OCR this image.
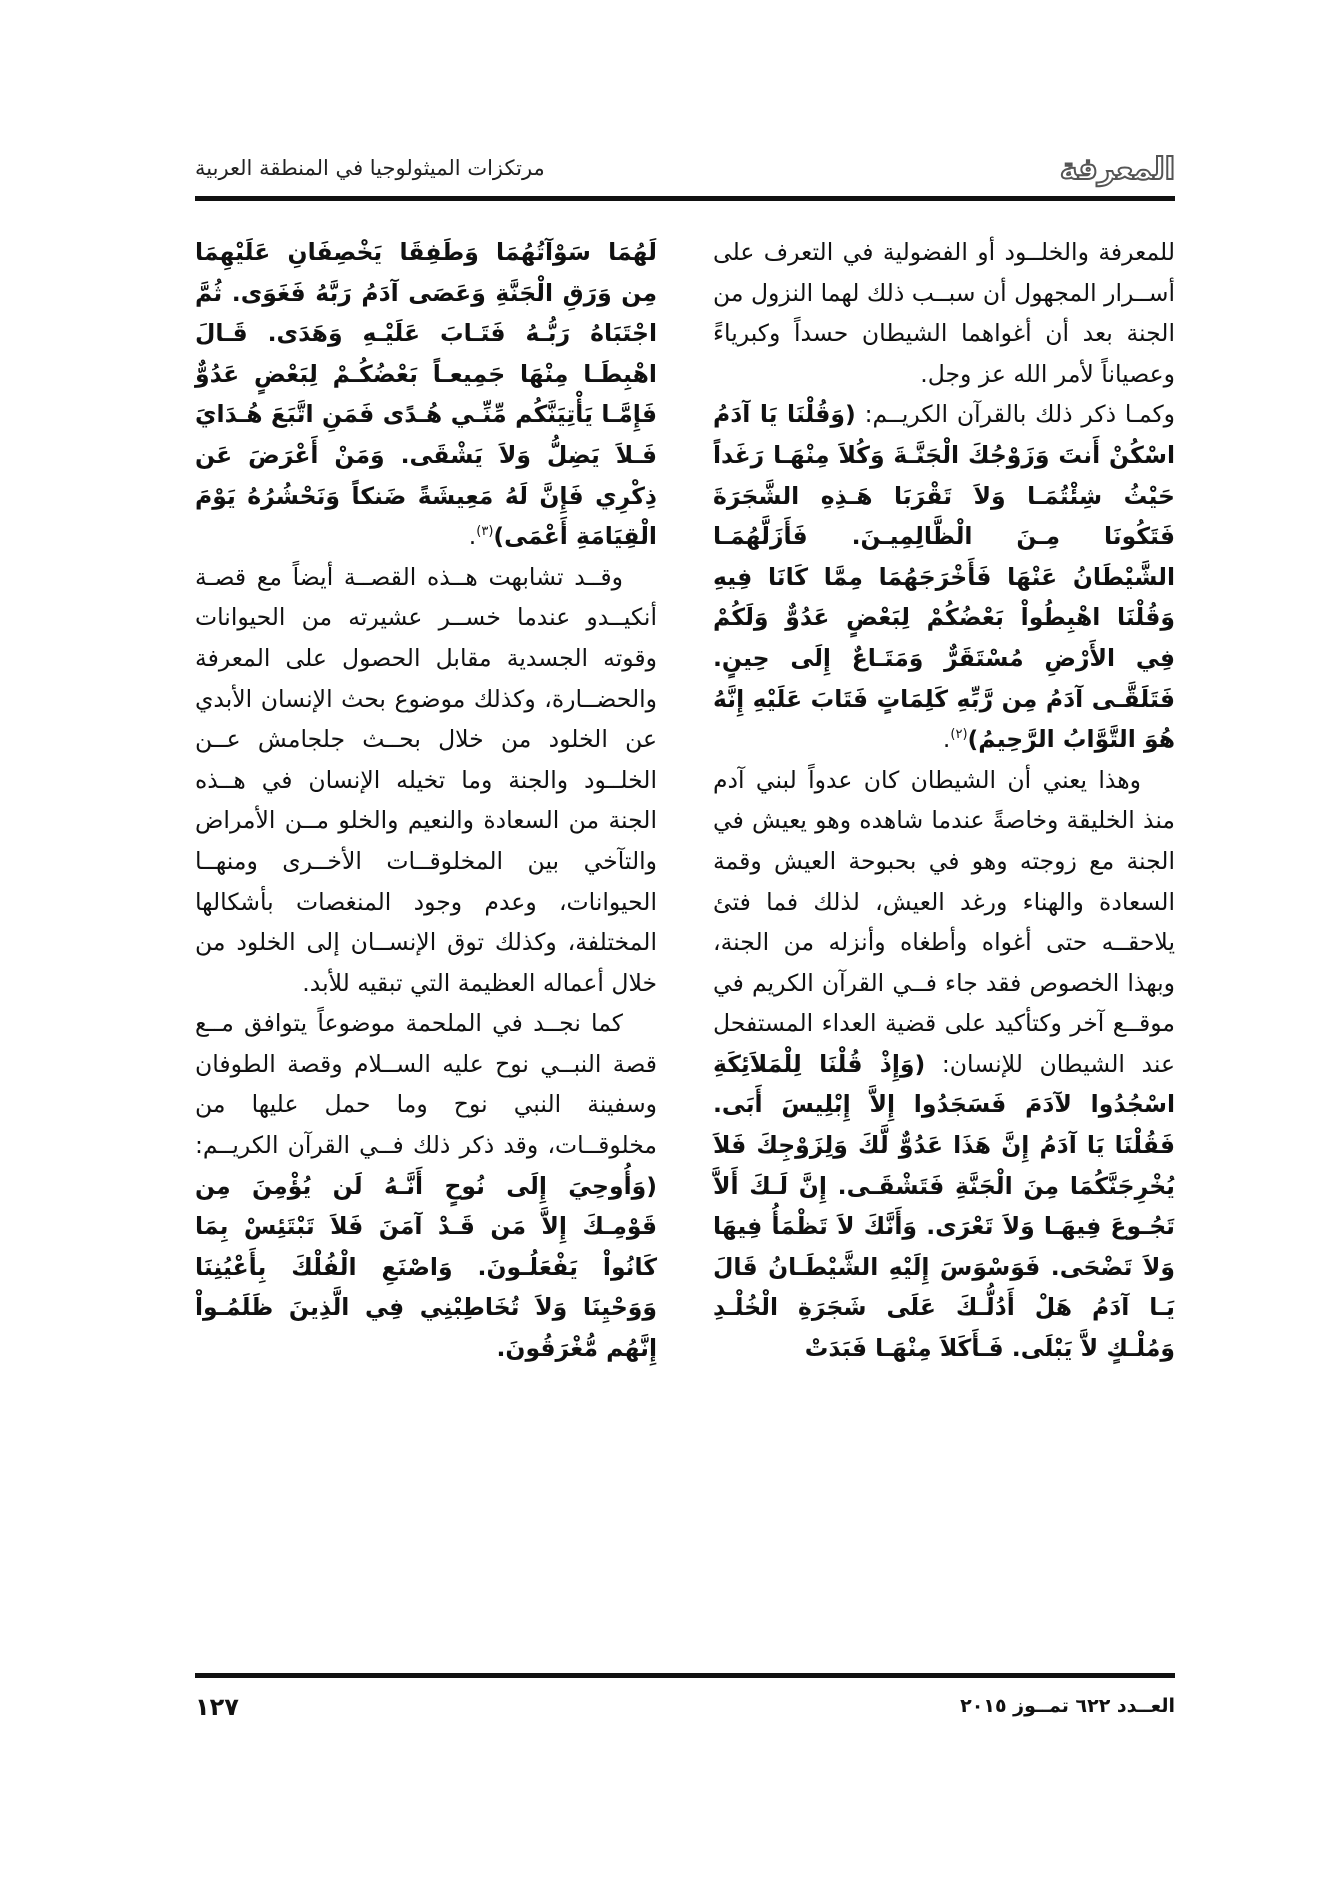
المعرفة
مرتكزات الميثولوجيا في المنطقة العربية

للمعرفة والخلــود أو الفضولية في التعرف على أســرار المجهول أن سبــب ذلك لهما النزول من الجنة بعد أن أغواهما الشيطان حسداً وكبرياءً وعصياناً لأمر الله عز وجل.

وكمـا ذكر ذلك بالقرآن الكريــم: (وَقُلْنَا يَا آدَمُ اسْكُنْ أَنتَ وَزَوْجُكَ الْجَنَّـةَ وَكُلاَ مِنْهَـا رَغَداً حَيْثُ شِئْتُمَـا وَلاَ تَقْرَبَا هَـذِهِ الشَّجَرَةَ فَتَكُونَا مِـنَ الْظَّالِمِيـنَ. فَأَزَلَّهُمَـا الشَّيْطَانُ عَنْهَا فَأَخْرَجَهُمَا مِمَّا كَانَا فِيهِ وَقُلْنَا اهْبِطُواْ بَعْضُكُمْ لِبَعْضٍ عَدُوٌّ وَلَكُمْ فِي الأَرْضِ مُسْتَقَرٌّ وَمَتَـاعٌ إِلَى حِينٍ. فَتَلَقَّـى آدَمُ مِن رَّبِّهِ كَلِمَاتٍ فَتَابَ عَلَيْهِ إِنَّهُ هُوَ التَّوَّابُ الرَّحِيمُ)$^{(٢)}$.

وهذا يعني أن الشيطان كان عدواً لبني آدم منذ الخليقة وخاصةً عندما شاهده وهو يعيش في الجنة مع زوجته وهو في بحبوحة العيش وقمة السعادة والهناء ورغد العيش، لذلك فما فتئ يلاحقــه حتى أغواه وأطغاه وأنزله من الجنة، وبهذا الخصوص فقد جاء فــي القرآن الكريم في موقــع آخر وكتأكيد على قضية العداء المستفحل عند الشيطان للإنسان: (وَإِذْ قُلْنَا لِلْمَلاَئِكَةِ اسْجُدُوا لآدَمَ فَسَجَدُوا إِلاَّ إِبْلِيسَ أَبَى. فَقُلْنَا يَا آدَمُ إِنَّ هَذَا عَدُوٌّ لَّكَ وَلِزَوْجِكَ فَلاَ يُخْرِجَنَّكُمَا مِنَ الْجَنَّةِ فَتَشْقَـى. إِنَّ لَـكَ أَلاَّ تَجُـوعَ فِيهَـا وَلاَ تَعْرَى. وَأَنَّكَ لاَ تَظْمَأُ فِيهَا وَلاَ تَضْحَى. فَوَسْوَسَ إِلَيْهِ الشَّيْطَـانُ قَالَ يَـا آدَمُ هَلْ أَدُلُّـكَ عَلَى شَجَرَةِ الْخُلْـدِ وَمُلْـكٍ لاَّ يَبْلَى. فَـأَكَلاَ مِنْهَـا فَبَدَتْ

لَهُمَا سَوْآتُهُمَا وَطَفِقَا يَخْصِفَانِ عَلَيْهِمَا مِن وَرَقِ الْجَنَّةِ وَعَصَى آدَمُ رَبَّهُ فَغَوَى. ثُمَّ اجْتَبَاهُ رَبُّـهُ فَتَـابَ عَلَيْـهِ وَهَدَى. قَـالَ اهْبِطَـا مِنْهَا جَمِيعـاً بَعْضُكُـمْ لِبَعْضٍ عَدُوٌّ فَإِمَّـا يَأْتِيَنَّكُم مِّنِّـي هُـدًى فَمَنِ اتَّبَعَ هُـدَايَ فَـلاَ يَضِلُّ وَلاَ يَشْقَى. وَمَنْ أَعْرَضَ عَن ذِكْرِي فَإِنَّ لَهُ مَعِيشَةً ضَنكاً وَنَحْشُرُهُ يَوْمَ الْقِيَامَةِ أَعْمَى)$^{(٣)}$.

وقــد تشابهت هــذه القصــة أيضاً مع قصـة أنكيــدو عندما خســر عشيرته من الحيوانات وقوته الجسدية مقابل الحصول على المعرفة والحضــارة، وكذلك موضوع بحث الإنسان الأبدي عن الخلود من خلال بحــث جلجامش عــن الخلــود والجنة وما تخيله الإنسان في هــذه الجنة من السعادة والنعيم والخلو مــن الأمراض والتآخي بين المخلوقــات الأخــرى ومنهــا الحيوانات، وعدم وجود المنغصات بأشكالها المختلفة، وكذلك توق الإنســان إلى الخلود من خلال أعماله العظيمة التي تبقيه للأبد.

كما نجــد في الملحمة موضوعاً يتوافق مــع قصة النبــي نوح عليه الســلام وقصة الطوفان وسفينة النبي نوح وما حمل عليها من مخلوقــات، وقد ذكر ذلك فــي القرآن الكريــم: (وَأُوحِيَ إِلَى نُوحٍ أَنَّـهُ لَن يُؤْمِنَ مِن قَوْمِـكَ إِلاَّ مَن قَـدْ آمَنَ فَلاَ تَبْتَئِسْ بِمَا كَانُواْ يَفْعَلُـونَ. وَاصْنَعِ الْفُلْكَ بِأَعْيُنِنَا وَوَحْيِنَا وَلاَ تُخَاطِبْنِي فِي الَّذِينَ ظَلَمُـواْ إِنَّهُم مُّغْرَقُونَ.

العــدد ٦٢٢ تمــوز ٢٠١٥
١٢٧
